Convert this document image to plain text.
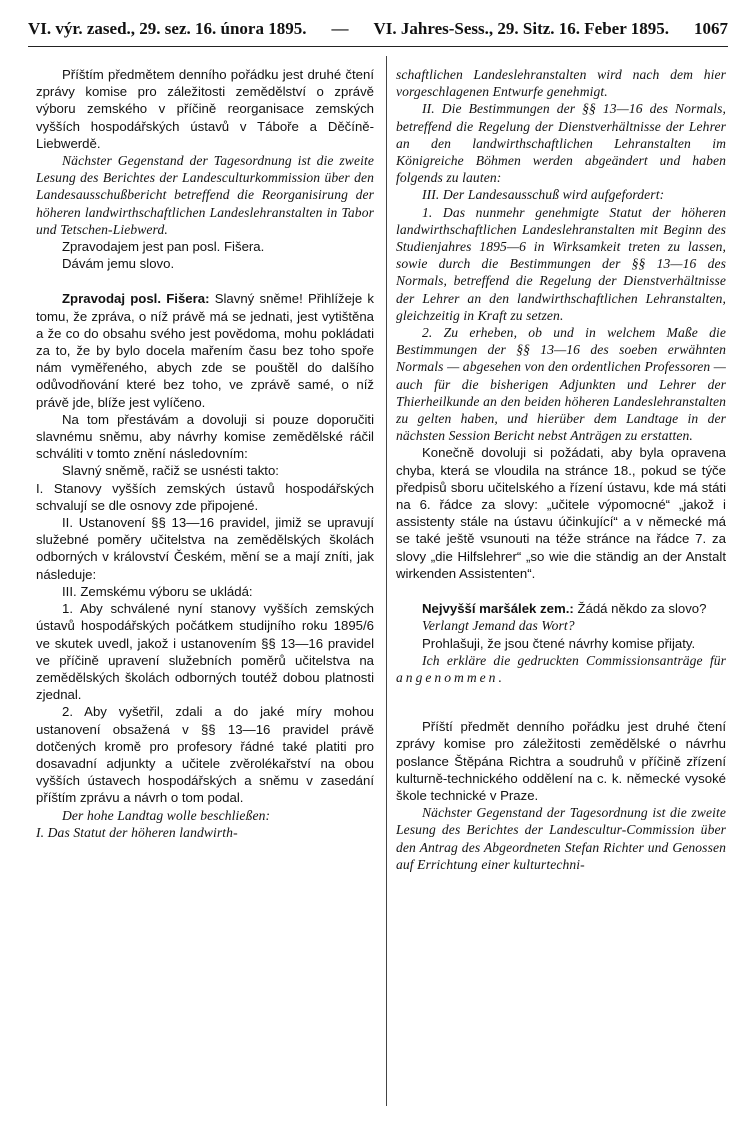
VI. výr. zased., 29. sez. 16. února 1895. — VI. Jahres-Sess., 29. Sitz. 16. Feber 1895. 1067

Příštím předmětem denního pořádku jest druhé čtení zprávy komise pro záležitosti zemědělství o zprávě výboru zemského v příčině reorganisace zemských vyšších hospodářských ústavů v Táboře a Děčíně-Liebwerdě.

Nächster Gegenstand der Tagesordnung ist die zweite Lesung des Berichtes der Landesculturkommission über den Landesausschußbericht betreffend die Reorganisirung der höheren landwirthschaftlichen Landeslehranstalten in Tabor und Tetschen-Liebwerd.

Zpravodajem jest pan posl. Fišera.

Dávám jemu slovo.

Zpravodaj posl. Fišera: Slavný sněme! Přihlížeje k tomu, že zpráva, o níž právě má se jednati, jest vytištěna a že co do obsahu svého jest povědoma, mohu pokládati za to, že by bylo docela mařením času bez toho spoře nám vyměřeného, abych zde se pouštěl do dalšího odůvodňování které bez toho, ve zprávě samé, o níž právě jde, blíže jest vylíčeno.

Na tom přestávám a dovoluji si pouze doporučiti slavnému sněmu, aby návrhy komise zemědělské ráčil schváliti v tomto znění následovním:

Slavný sněmě, račiž se usnésti takto:

I. Stanovy vyšších zemských ústavů hospodářských schvalují se dle osnovy zde připojené.

II. Ustanovení §§ 13—16 pravidel, jimiž se upravují služebné poměry učitelstva na zemědělských školách odborných v království Českém, mění se a mají zníti, jak následuje:

III. Zemskému výboru se ukládá:

1. Aby schválené nyní stanovy vyšších zemských ústavů hospodářských počátkem studijního roku 1895/6 ve skutek uvedl, jakož i ustanovením §§ 13—16 pravidel ve příčině upravení služebních poměrů učitelstva na zemědělských školách odborných toutéž dobou platnosti zjednal.

2. Aby vyšetřil, zdali a do jaké míry mohou ustanovení obsažená v §§ 13—16 pravidel právě dotčených kromě pro profesory řádné také platiti pro dosavadní adjunkty a učitele zvěrolékařství na obou vyšších ústavech hospodářských a sněmu v zasedání příštím zprávu a návrh o tom podal.

Der hohe Landtag wolle beschließen:

I. Das Statut der höheren landwirth-

schaftlichen Landeslehranstalten wird nach dem hier vorgeschlagenen Entwurfe genehmigt.

II. Die Bestimmungen der §§ 13—16 des Normals, betreffend die Regelung der Dienstverhältnisse der Lehrer an den landwirthschaftlichen Lehranstalten im Königreiche Böhmen werden abgeändert und haben folgends zu lauten:

III. Der Landesausschuß wird aufgefordert:

1. Das nunmehr genehmigte Statut der höheren landwirthschaftlichen Landeslehranstalten mit Beginn des Studienjahres 1895—6 in Wirksamkeit treten zu lassen, sowie durch die Bestimmungen der §§ 13—16 des Normals, betreffend die Regelung der Dienstverhältnisse der Lehrer an den landwirthschaftlichen Lehranstalten, gleichzeitig in Kraft zu setzen.

2. Zu erheben, ob und in welchem Maße die Bestimmungen der §§ 13—16 des soeben erwähnten Normals — abgesehen von den ordentlichen Professoren — auch für die bisherigen Adjunkten und Lehrer der Thierheilkunde an den beiden höheren Landeslehranstalten zu gelten haben, und hierüber dem Landtage in der nächsten Session Bericht nebst Anträgen zu erstatten.

Konečně dovoluji si požádati, aby byla opravena chyba, která se vloudila na stránce 18., pokud se týče předpisů sboru učitelského a řízení ústavu, kde má státi na 6. řádce za slovy: „učitele výpomocné“ „jakož i assistenty stále na ústavu účinkující“ a v německé má se také ještě vsunouti na téže stránce na řádce 7. za slovy „die Hilfslehrer“ „so wie die ständig an der Anstalt wirkenden Assistenten“.

Nejvyšší maršálek zem.: Žádá někdo za slovo?

Verlangt Jemand das Wort?

Prohlašuji, že jsou čtené návrhy komise přijaty.

Ich erkläre die gedruckten Commissionsanträge für angenommen.

Příští předmět denního pořádku jest druhé čtení zprávy komise pro záležitosti zemědělské o návrhu poslance Štěpána Richtra a soudruhů v příčině zřízení kulturně-technického oddělení na c. k. německé vysoké škole technické v Praze.

Nächster Gegenstand der Tagesordnung ist die zweite Lesung des Berichtes der Landescultur-Commission über den Antrag des Abgeordneten Stefan Richter und Genossen auf Errichtung einer kulturtechni-
